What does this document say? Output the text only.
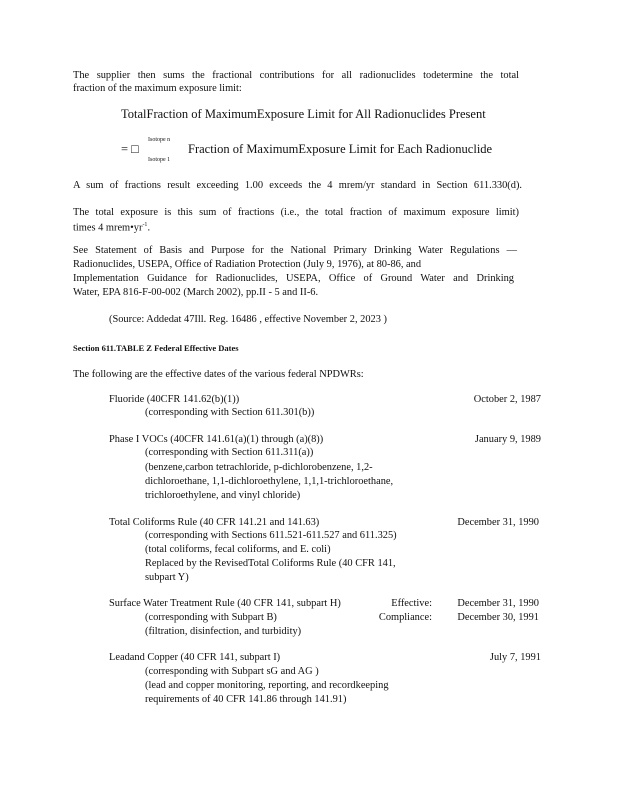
The supplier then sums the fractional contributions for all radionuclides todetermine the total
fraction of the maximum exposure limit:
TotalFraction of MaximumExposure Limit for All Radionuclides Present
Isotope n
= □
Isotope 1
Fraction of MaximumExposure Limit for Each Radionuclide
A sum of fractions result exceeding 1.00 exceeds the 4 mrem/yr standard in Section 611.330(d).
The total exposure is this sum of fractions (i.e., the total fraction of maximum exposure limit)
times 4 $mrem•yr^{-1}$.
See Statement of Basis and Purpose for the National Primary Drinking Water Regulations —
Radionuclides, USEPA, Office of Radiation Protection (July 9, 1976), at 80-86, and
Implementation Guidance for Radionuclides, USEPA, Office of Ground Water and Drinking
Water, EPA 816-F-00-002 (March 2002), pp.II - 5 and II-6.
(Source: Addedat 47Ill. Reg. 16486 , effective November 2, 2023 )
Section 611.TABLE Z Federal Effective Dates
The following are the effective dates of the various federal NPDWRs:
Fluoride (40CFR 141.62(b)(1))
(corresponding with Section 611.301(b))
October 2, 1987
Phase I VOCs (40CFR 141.61(a)(1) through (a)(8))
(corresponding with Section 611.311(a))
(benzene,carbon tetrachloride, p-dichlorobenzene, 1,2-
dichloroethane, 1,1-dichloroethylene, 1,1,1-trichloroethane,
trichloroethylene, and vinyl chloride)
January 9, 1989
Total Coliforms Rule (40 CFR 141.21 and 141.63)
(corresponding with Sections 611.521-611.527 and 611.325)
(total coliforms, fecal coliforms, and E. coli)
Replaced by the RevisedTotal Coliforms Rule (40 CFR 141,
subpart Y)
December 31, 1990
Surface Water Treatment Rule (40 CFR 141, subpart H)	Effective: December 31, 1990
(corresponding with Subpart B)	Compliance: December 30, 1991
(filtration, disinfection, and turbidity)
Leadand Copper (40 CFR 141, subpart I)
(corresponding with Subpart sG and AG )
(lead and copper monitoring, reporting, and recordkeeping
requirements of 40 CFR 141.86 through 141.91)
July 7, 1991
